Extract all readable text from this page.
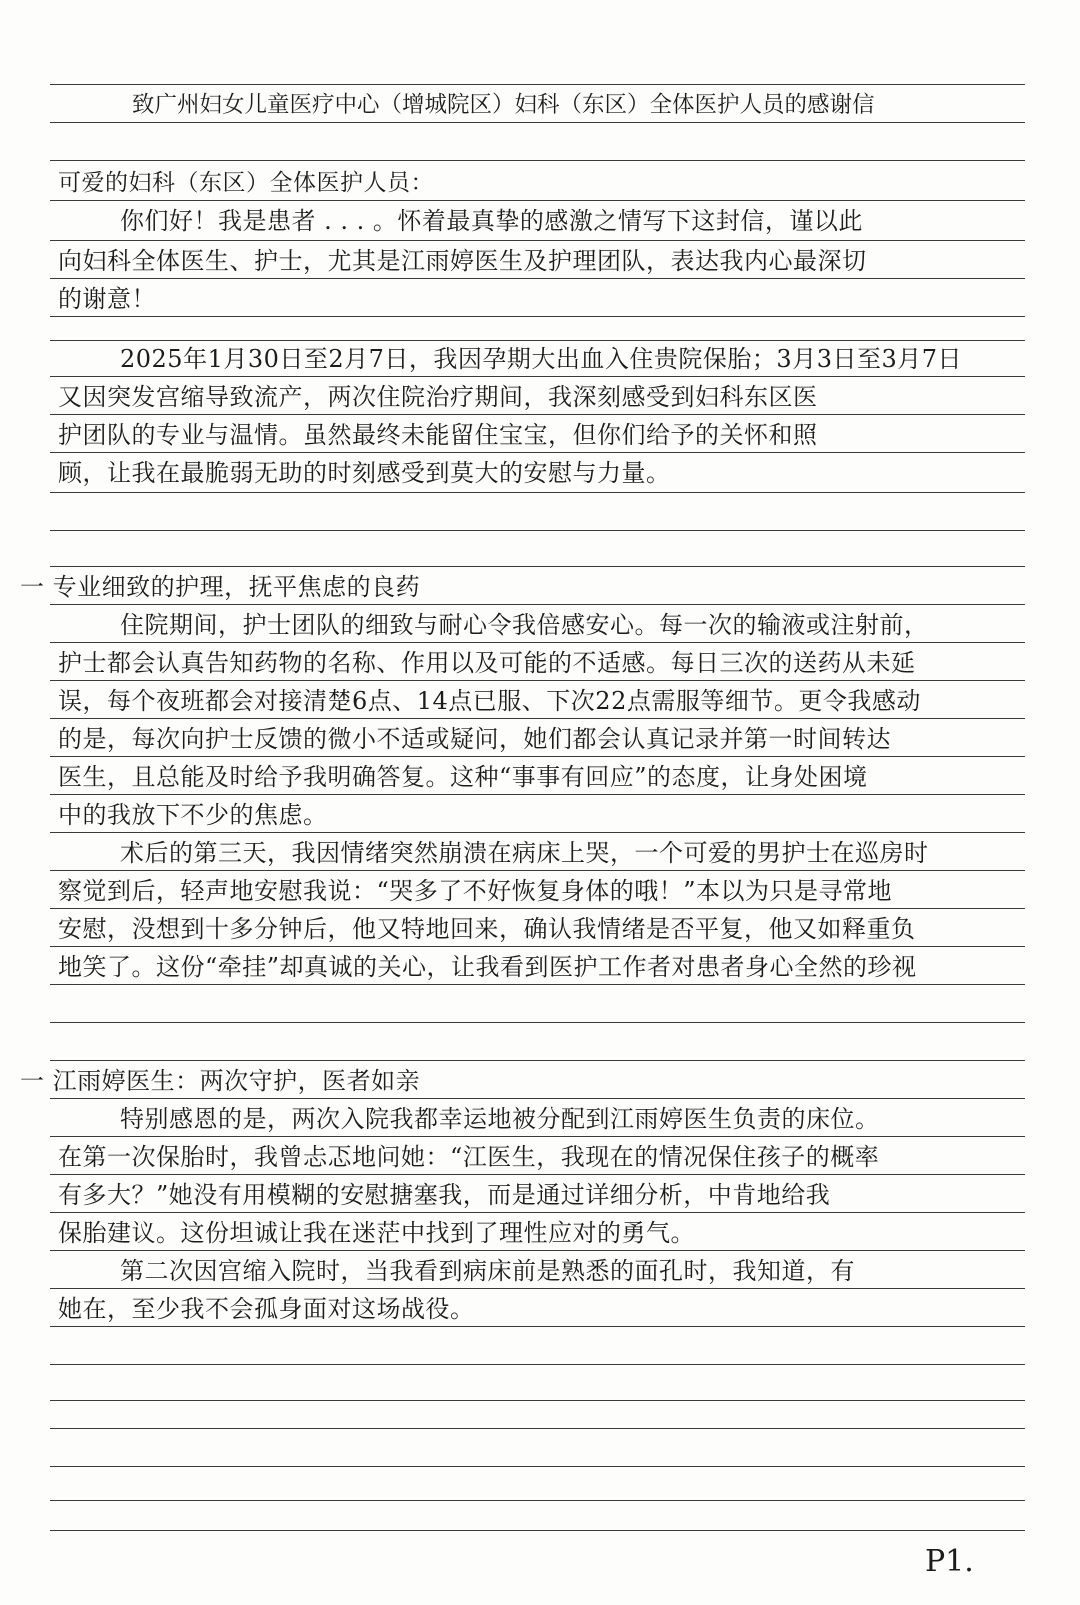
致广州妇女儿童医疗中心（增城院区）妇科（东区）全体医护人员的感谢信
可爱的妇科（东区）全体医护人员：
你们好！我是患者 . . . 。怀着最真挚的感激之情写下这封信，谨以此
向妇科全体医生、护士，尤其是江雨婷医生及护理团队，表达我内心最深切
的谢意！
2025年1月30日至2月7日，我因孕期大出血入住贵院保胎；3月3日至3月7日
又因突发宫缩导致流产，两次住院治疗期间，我深刻感受到妇科东区医
护团队的专业与温情。虽然最终未能留住宝宝，但你们给予的关怀和照
顾，让我在最脆弱无助的时刻感受到莫大的安慰与力量。
一 专业细致的护理，抚平焦虑的良药
住院期间，护士团队的细致与耐心令我倍感安心。每一次的输液或注射前，
护士都会认真告知药物的名称、作用以及可能的不适感。每日三次的送药从未延
误，每个夜班都会对接清楚6点、14点已服、下次22点需服等细节。更令我感动
的是，每次向护士反馈的微小不适或疑问，她们都会认真记录并第一时间转达
医生，且总能及时给予我明确答复。这种“事事有回应”的态度，让身处困境
中的我放下不少的焦虑。
术后的第三天，我因情绪突然崩溃在病床上哭，一个可爱的男护士在巡房时
察觉到后，轻声地安慰我说：“哭多了不好恢复身体的哦！”本以为只是寻常地
安慰，没想到十多分钟后，他又特地回来，确认我情绪是否平复，他又如释重负
地笑了。这份“牵挂”却真诚的关心，让我看到医护工作者对患者身心全然的珍视
一 江雨婷医生：两次守护，医者如亲
特别感恩的是，两次入院我都幸运地被分配到江雨婷医生负责的床位。
在第一次保胎时，我曾忐忑地问她：“江医生，我现在的情况保住孩子的概率
有多大？”她没有用模糊的安慰搪塞我，而是通过详细分析，中肯地给我
保胎建议。这份坦诚让我在迷茫中找到了理性应对的勇气。
第二次因宫缩入院时，当我看到病床前是熟悉的面孔时，我知道，有
她在，至少我不会孤身面对这场战役。
P1.
